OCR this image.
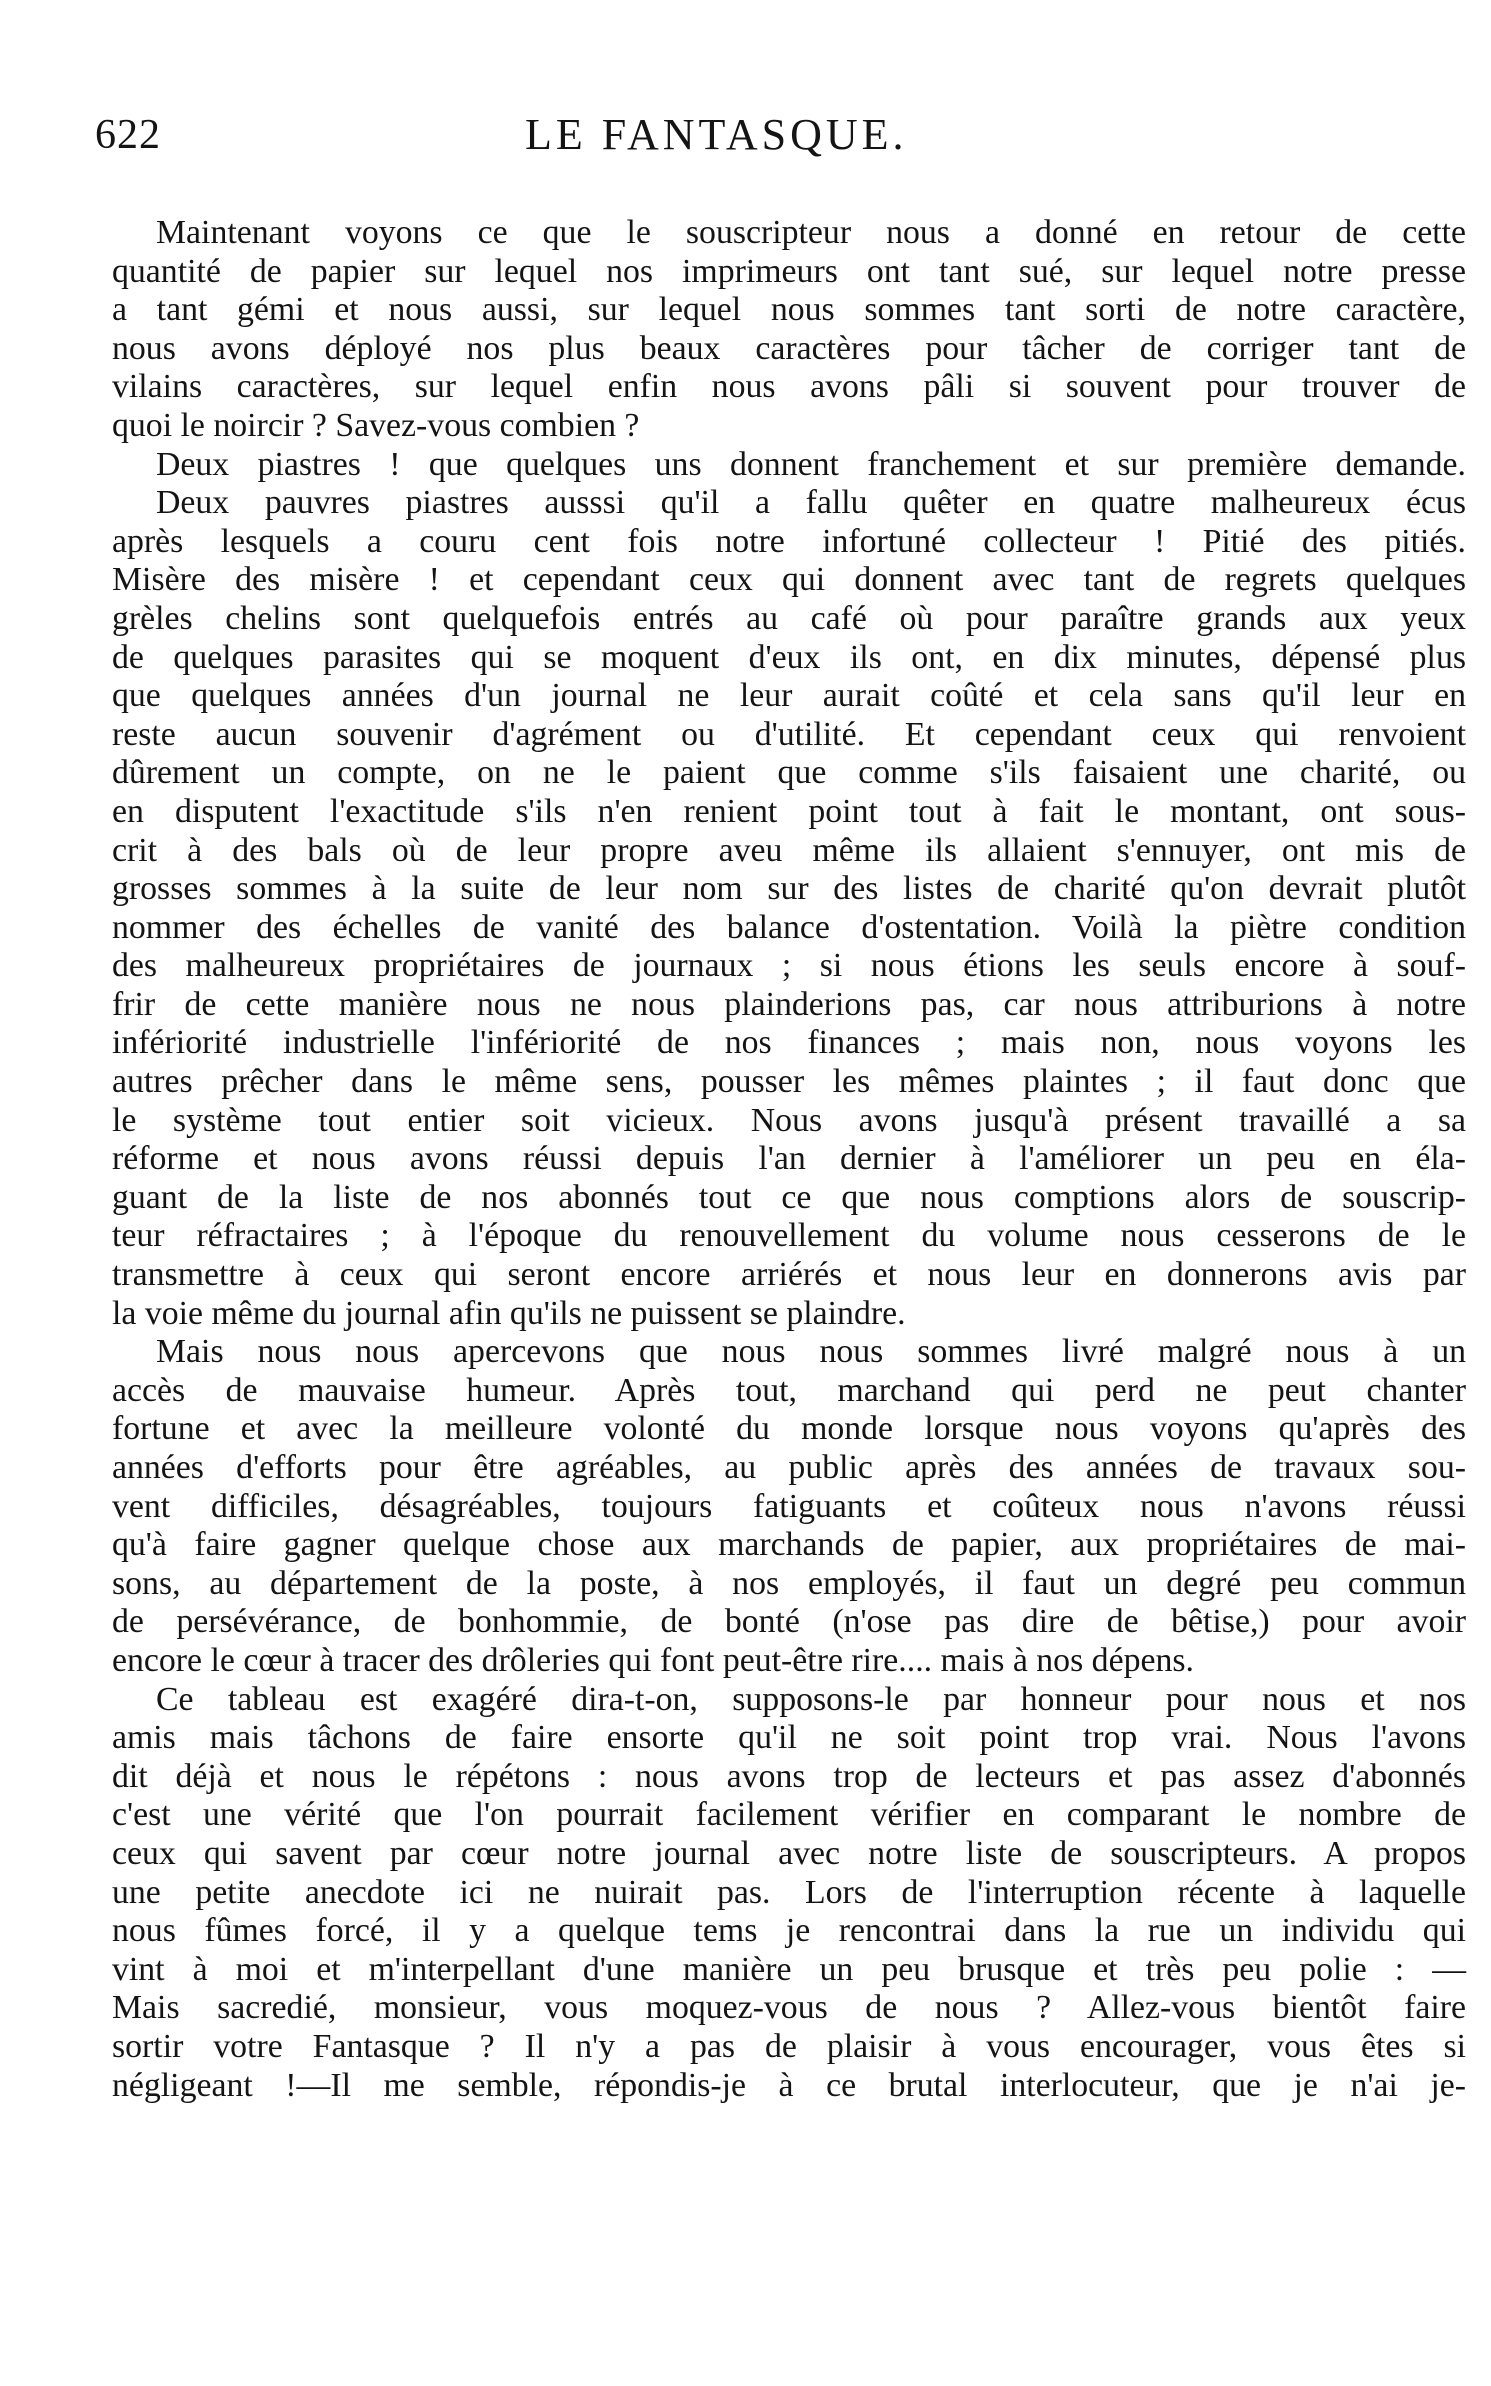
622	LE FANTASQUE.
Maintenant voyons ce que le souscripteur nous a donné en retour de cette
quantité de papier sur lequel nos imprimeurs ont tant sué, sur lequel notre presse
a tant gémi et nous aussi, sur lequel nous sommes tant sorti de notre caractère,
nous avons déployé nos plus beaux caractères pour tâcher de corriger tant de
vilains caractères, sur lequel enfin nous avons pâli si souvent pour trouver de
quoi le noircir ? Savez-vous combien ?
Deux piastres ! que quelques uns donnent franchement et sur première demande.
Deux pauvres piastres ausssi qu'il a fallu quêter en quatre malheureux écus
après lesquels a couru cent fois notre infortuné collecteur ! Pitié des pitiés.
Misère des misère ! et cependant ceux qui donnent avec tant de regrets quelques
grèles chelins sont quelquefois entrés au café où pour paraître grands aux yeux
de quelques parasites qui se moquent d'eux ils ont, en dix minutes, dépensé plus
que quelques années d'un journal ne leur aurait coûté et cela sans qu'il leur en
reste aucun souvenir d'agrément ou d'utilité. Et cependant ceux qui renvoient
dûrement un compte, on ne le paient que comme s'ils faisaient une charité, ou
en disputent l'exactitude s'ils n'en renient point tout à fait le montant, ont sous-
crit à des bals où de leur propre aveu même ils allaient s'ennuyer, ont mis de
grosses sommes à la suite de leur nom sur des listes de charité qu'on devrait plutôt
nommer des échelles de vanité des balance d'ostentation. Voilà la piètre condition
des malheureux propriétaires de journaux ; si nous étions les seuls encore à souf-
frir de cette manière nous ne nous plainderions pas, car nous attriburions à notre
infériorité industrielle l'infériorité de nos finances ; mais non, nous voyons les
autres prêcher dans le même sens, pousser les mêmes plaintes ; il faut donc que
le système tout entier soit vicieux. Nous avons jusqu'à présent travaillé a sa
réforme et nous avons réussi depuis l'an dernier à l'améliorer un peu en éla-
guant de la liste de nos abonnés tout ce que nous comptions alors de souscrip-
teur réfractaires ; à l'époque du renouvellement du volume nous cesserons de le
transmettre à ceux qui seront encore arriérés et nous leur en donnerons avis par
la voie même du journal afin qu'ils ne puissent se plaindre.
Mais nous nous apercevons que nous nous sommes livré malgré nous à un
accès de mauvaise humeur. Après tout, marchand qui perd ne peut chanter
fortune et avec la meilleure volonté du monde lorsque nous voyons qu'après des
années d'efforts pour être agréables, au public après des années de travaux sou-
vent difficiles, désagréables, toujours fatiguants et coûteux nous n'avons réussi
qu'à faire gagner quelque chose aux marchands de papier, aux propriétaires de mai-
sons, au département de la poste, à nos employés, il faut un degré peu commun
de persévérance, de bonhommie, de bonté (n'ose pas dire de bêtise,) pour avoir
encore le cœur à tracer des drôleries qui font peut-être rire.... mais à nos dépens.
Ce tableau est exagéré dira-t-on, supposons-le par honneur pour nous et nos
amis mais tâchons de faire ensorte qu'il ne soit point trop vrai. Nous l'avons
dit déjà et nous le répétons : nous avons trop de lecteurs et pas assez d'abonnés
c'est une vérité que l'on pourrait facilement vérifier en comparant le nombre de
ceux qui savent par cœur notre journal avec notre liste de souscripteurs. A propos
une petite anecdote ici ne nuirait pas. Lors de l'interruption récente à laquelle
nous fûmes forcé, il y a quelque tems je rencontrai dans la rue un individu qui
vint à moi et m'interpellant d'une manière un peu brusque et très peu polie : —
Mais sacredié, monsieur, vous moquez-vous de nous ? Allez-vous bientôt faire
sortir votre Fantasque ? Il n'y a pas de plaisir à vous encourager, vous êtes si
négligeant !—Il me semble, répondis-je à ce brutal interlocuteur, que je n'ai je-
